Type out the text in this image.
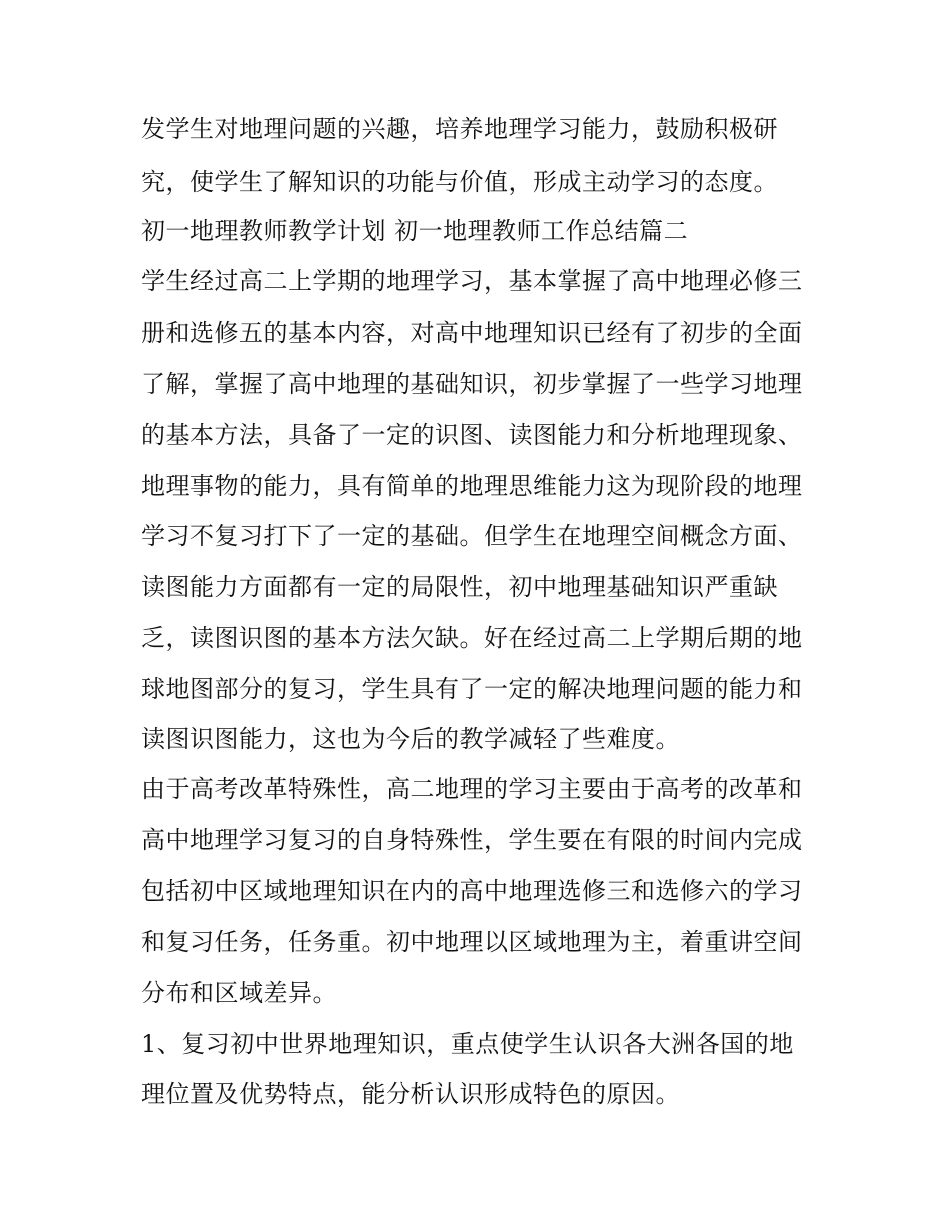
发学生对地理问题的兴趣，培养地理学习能力，鼓励积极研
究，使学生了解知识的功能与价值，形成主动学习的态度。
初一地理教师教学计划 初一地理教师工作总结篇二
学生经过高二上学期的地理学习，基本掌握了高中地理必修三
册和选修五的基本内容，对高中地理知识已经有了初步的全面
了解，掌握了高中地理的基础知识，初步掌握了一些学习地理
的基本方法，具备了一定的识图、读图能力和分析地理现象、
地理事物的能力，具有简单的地理思维能力这为现阶段的地理
学习不复习打下了一定的基础。但学生在地理空间概念方面、
读图能力方面都有一定的局限性，初中地理基础知识严重缺
乏，读图识图的基本方法欠缺。好在经过高二上学期后期的地
球地图部分的复习，学生具有了一定的解决地理问题的能力和
读图识图能力，这也为今后的教学减轻了些难度。
由于高考改革特殊性，高二地理的学习主要由于高考的改革和
高中地理学习复习的自身特殊性，学生要在有限的时间内完成
包括初中区域地理知识在内的高中地理选修三和选修六的学习
和复习任务，任务重。初中地理以区域地理为主，着重讲空间
分布和区域差异。
1、复习初中世界地理知识，重点使学生认识各大洲各国的地
理位置及优势特点，能分析认识形成特色的原因。
